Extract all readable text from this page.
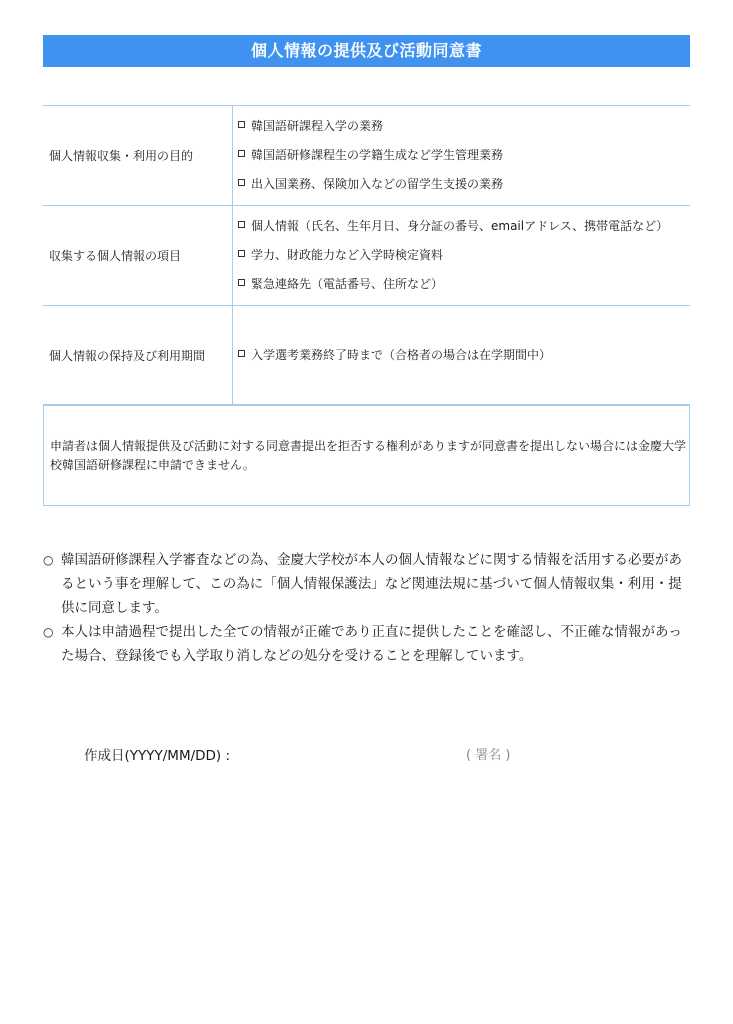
個人情報の提供及び活動同意書
個人情報収集・利用の目的	韓国語研課程入学の業務
韓国語研修課程生の学籍生成など学生管理業務
出入国業務、保険加入などの留学生支援の業務

収集する個人情報の項目	個人情報（氏名、生年月日、身分証の番号、emailアドレス、携帯電話など）
学力、財政能力など入学時検定資料
緊急連絡先（電話番号、住所など）

個人情報の保持及び利用期間	入学選考業務終了時まで（合格者の場合は在学期間中）
申請者は個人情報提供及び活動に対する同意書提出を拒否する権利がありますが同意書を提出しない場合には金慶大学校韓国語研修課程に申請できません。
○ 韓国語研修課程入学審査などの為、金慶大学校が本人の個人情報などに関する情報を活用する必要があるという事を理解して、この為に「個人情報保護法」など関連法規に基づいて個人情報収集・利用・提供に同意します。
○ 本人は申請過程で提出した全ての情報が正確であり正直に提供したことを確認し、不正確な情報があった場合、登録後でも入学取り消しなどの処分を受けることを理解しています。
作成日(YYYY/MM/DD) :	( 署名 )
